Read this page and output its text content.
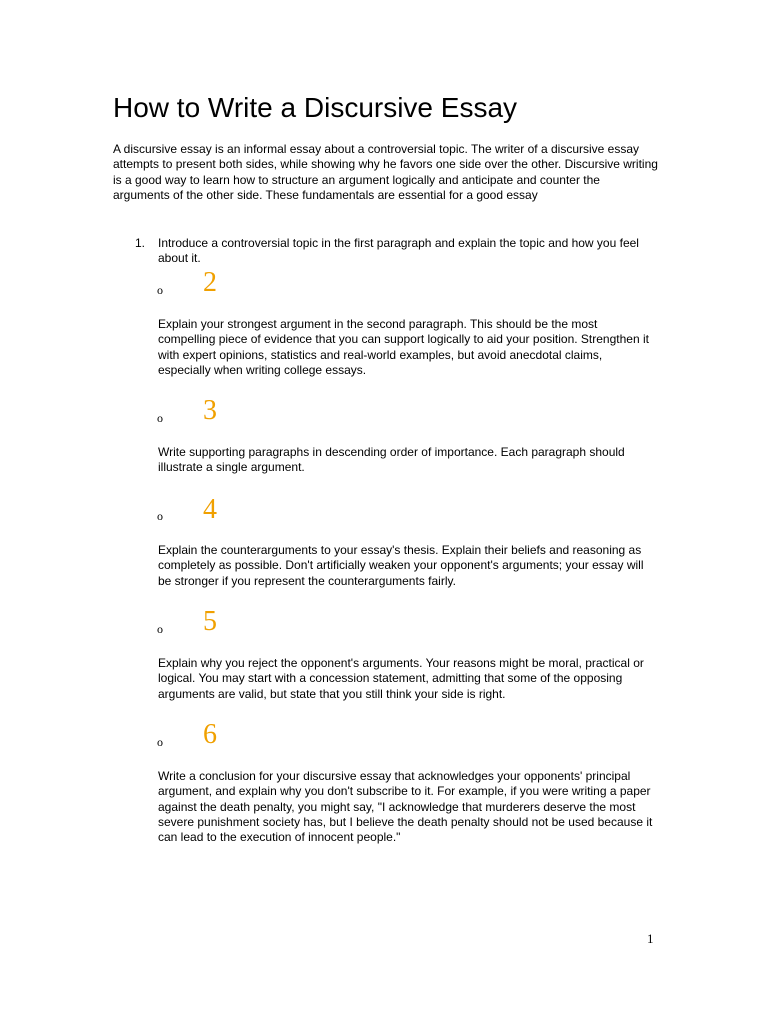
How to Write a Discursive Essay

A discursive essay is an informal essay about a controversial topic. The writer of a discursive essay attempts to present both sides, while showing why he favors one side over the other. Discursive writing is a good way to learn how to structure an argument logically and anticipate and counter the arguments of the other side. These fundamentals are essential for a good essay

1. Introduce a controversial topic in the first paragraph and explain the topic and how you feel about it.

o 2

Explain your strongest argument in the second paragraph. This should be the most compelling piece of evidence that you can support logically to aid your position. Strengthen it with expert opinions, statistics and real-world examples, but avoid anecdotal claims, especially when writing college essays.

o 3

Write supporting paragraphs in descending order of importance. Each paragraph should illustrate a single argument.

o 4

Explain the counterarguments to your essay's thesis. Explain their beliefs and reasoning as completely as possible. Don't artificially weaken your opponent's arguments; your essay will be stronger if you represent the counterarguments fairly.

o 5

Explain why you reject the opponent's arguments. Your reasons might be moral, practical or logical. You may start with a concession statement, admitting that some of the opposing arguments are valid, but state that you still think your side is right.

o 6

Write a conclusion for your discursive essay that acknowledges your opponents' principal argument, and explain why you don't subscribe to it. For example, if you were writing a paper against the death penalty, you might say, "I acknowledge that murderers deserve the most severe punishment society has, but I believe the death penalty should not be used because it can lead to the execution of innocent people."

1
